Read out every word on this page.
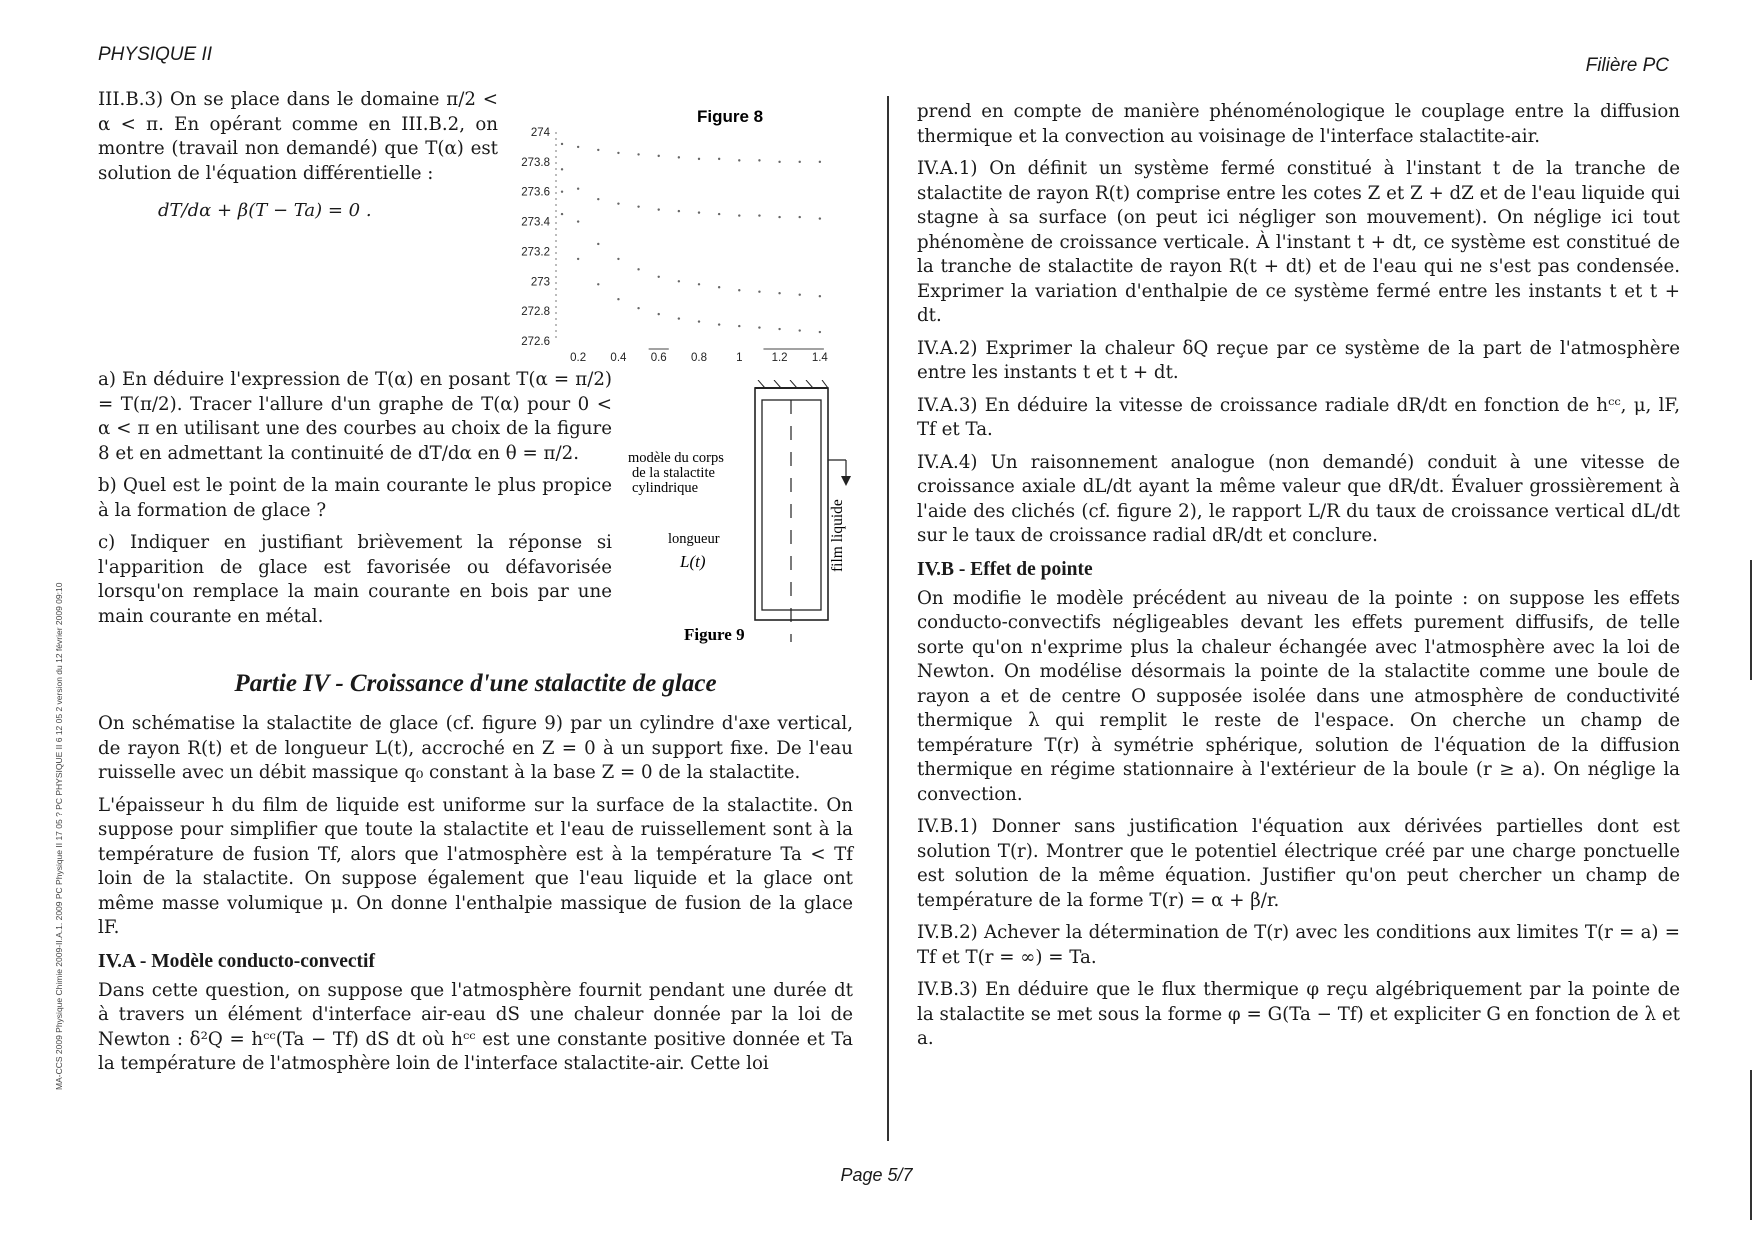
PHYSIQUE II
Filière PC
MA-CCS 2009 Physique Chimie 2009-II.A.1. 2009 PC Physique II 17 05 ? PC PHYSIQUE II 6 12 05 2 version du 12 février 2009 09:10

III.B.3) On se place dans le domaine π/2 < α < π. En opérant comme en III.B.2, on montre (travail non demandé) que T(α) est solution de l'équation différentielle :

dT/dα + β(T − Ta) = 0 .
Figure 8
274
273.8
273.6
273.4
273.2
273
272.8
272.6
0.2 0.4 0.6 0.8	1	1.2 1.4

a) En déduire l'expression de T(α) en posant T(α = π/2) = T(π/2). Tracer l'allure d'un graphe de T(α) pour 0 < α < π en utilisant une des courbes au choix de la figure 8 et en admettant la continuité de dT/dα en θ = π/2.

b) Quel est le point de la main courante le plus propice à la formation de glace ?

c) Indiquer en justifiant brièvement la réponse si l'apparition de glace est favorisée ou défavorisée lorsqu'on remplace la main courante en bois par une main courante en métal.

modèle du corps
de la stalactite
cylindrique
longueur
L(t)	film liquide
Figure 9
Partie IV - Croissance d'une stalactite de glace

On schématise la stalactite de glace (cf. figure 9) par un cylindre d'axe vertical, de rayon R(t) et de longueur L(t), accroché en Z = 0 à un support fixe. De l'eau ruisselle avec un débit massique q₀ constant à la base Z = 0 de la stalactite.

L'épaisseur h du film de liquide est uniforme sur la surface de la stalactite. On suppose pour simplifier que toute la stalactite et l'eau de ruissellement sont à la température de fusion Tf, alors que l'atmosphère est à la température Ta < Tf loin de la stalactite. On suppose également que l'eau liquide et la glace ont même masse volumique μ. On donne l'enthalpie massique de fusion de la glace lF.

IV.A - Modèle conducto-convectif

Dans cette question, on suppose que l'atmosphère fournit pendant une durée dt à travers un élément d'interface air-eau dS une chaleur donnée par la loi de Newton : δ²Q = hᶜᶜ(Ta − Tf) dS dt où hᶜᶜ est une constante positive donnée et Ta la température de l'atmosphère loin de l'interface stalactite-air. Cette loi

prend en compte de manière phénoménologique le couplage entre la diffusion thermique et la convection au voisinage de l'interface stalactite-air.

IV.A.1) On définit un système fermé constitué à l'instant t de la tranche de stalactite de rayon R(t) comprise entre les cotes Z et Z + dZ et de l'eau liquide qui stagne à sa surface (on peut ici négliger son mouvement). On néglige ici tout phénomène de croissance verticale. À l'instant t + dt, ce système est constitué de la tranche de stalactite de rayon R(t + dt) et de l'eau qui ne s'est pas condensée. Exprimer la variation d'enthalpie de ce système fermé entre les instants t et t + dt.

IV.A.2) Exprimer la chaleur δQ reçue par ce système de la part de l'atmosphère entre les instants t et t + dt.

IV.A.3) En déduire la vitesse de croissance radiale dR/dt en fonction de hᶜᶜ, μ, lF, Tf et Ta.

IV.A.4) Un raisonnement analogue (non demandé) conduit à une vitesse de croissance axiale dL/dt ayant la même valeur que dR/dt. Évaluer grossièrement à l'aide des clichés (cf. figure 2), le rapport L/R du taux de croissance vertical dL/dt sur le taux de croissance radial dR/dt et conclure.

IV.B - Effet de pointe

On modifie le modèle précédent au niveau de la pointe : on suppose les effets conducto-convectifs négligeables devant les effets purement diffusifs, de telle sorte qu'on n'exprime plus la chaleur échangée avec l'atmosphère avec la loi de Newton. On modélise désormais la pointe de la stalactite comme une boule de rayon a et de centre O supposée isolée dans une atmosphère de conductivité thermique λ qui remplit le reste de l'espace. On cherche un champ de température T(r) à symétrie sphérique, solution de l'équation de la diffusion thermique en régime stationnaire à l'extérieur de la boule (r ≥ a). On néglige la convection.

IV.B.1) Donner sans justification l'équation aux dérivées partielles dont est solution T(r). Montrer que le potentiel électrique créé par une charge ponctuelle est solution de la même équation. Justifier qu'on peut chercher un champ de température de la forme T(r) = α + β/r.

IV.B.2) Achever la détermination de T(r) avec les conditions aux limites T(r = a) = Tf et T(r = ∞) = Ta.

IV.B.3) En déduire que le flux thermique φ reçu algébriquement par la pointe de la stalactite se met sous la forme φ = G(Ta − Tf) et expliciter G en fonction de λ et a.

Page 5/7
